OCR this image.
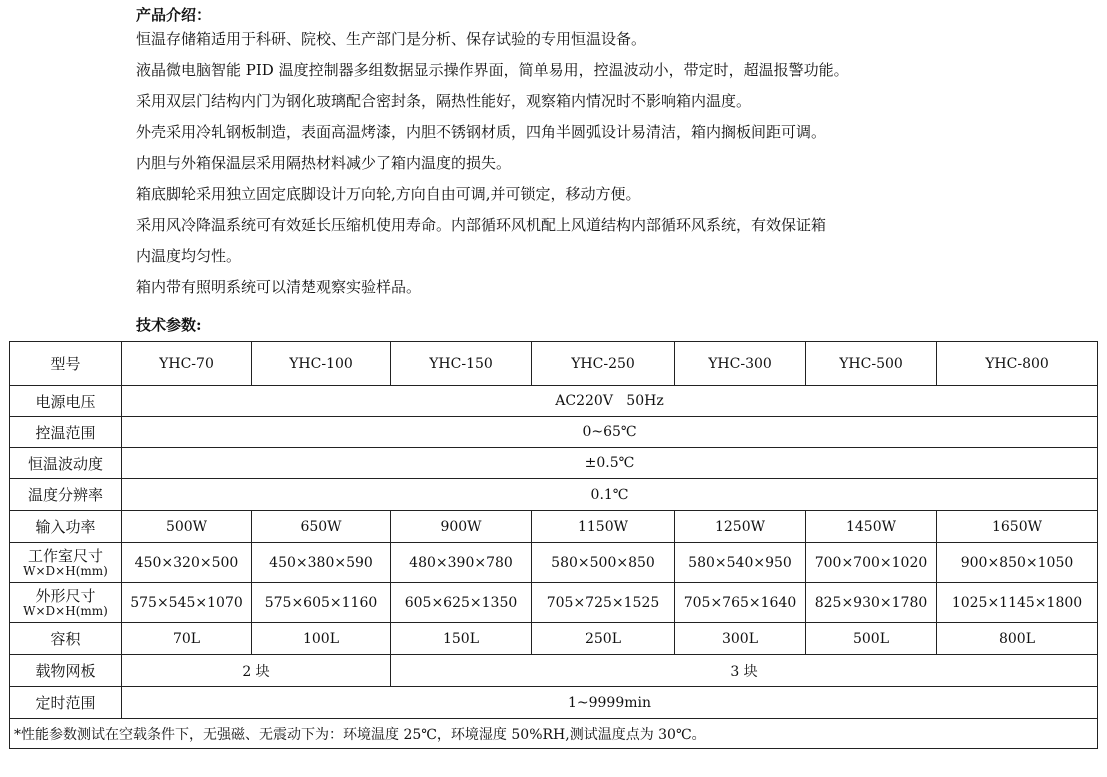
产品介绍：
恒温存储箱适用于科研、院校、生产部门是分析、保存试验的专用恒温设备。
液晶微电脑智能 PID 温度控制器多组数据显示操作界面，简单易用，控温波动小，带定时，超温报警功能。
采用双层门结构内门为钢化玻璃配合密封条，隔热性能好，观察箱内情况时不影响箱内温度。
外壳采用冷轧钢板制造，表面高温烤漆，内胆不锈钢材质，四角半圆弧设计易清洁，箱内搁板间距可调。
内胆与外箱保温层采用隔热材料减少了箱内温度的损失。
箱底脚轮采用独立固定底脚设计万向轮,方向自由可调,并可锁定，移动方便。
采用风冷降温系统可有效延长压缩机使用寿命。内部循环风机配上风道结构内部循环风系统，有效保证箱
内温度均匀性。
箱内带有照明系统可以清楚观察实验样品。
技术参数:
型号	YHC-70	YHC-100	YHC-150	YHC-250	YHC-300	YHC-500	YHC-800
电源电压	AC220V   50Hz						
控温范围	0~65℃						
恒温波动度	±0.5℃						
温度分辨率	0.1℃						
输入功率	500W	650W	900W	1150W	1250W	1450W	1650W
工作室尺寸
W×D×H(mm)	450×320×500	450×380×590	480×390×780	580×500×850	580×540×950	700×700×1020	900×850×1050
外形尺寸
W×D×H(mm)	575×545×1070	575×605×1160	605×625×1350	705×725×1525	705×765×1640	825×930×1780	1025×1145×1800
容积	70L	100L	150L	250L	300L	500L	800L
载物网板	2 块		3 块				
定时范围	1~9999min						
*性能参数测试在空载条件下，无强磁、无震动下为：环境温度 25℃，环境湿度 50%RH,测试温度点为 30℃。							
